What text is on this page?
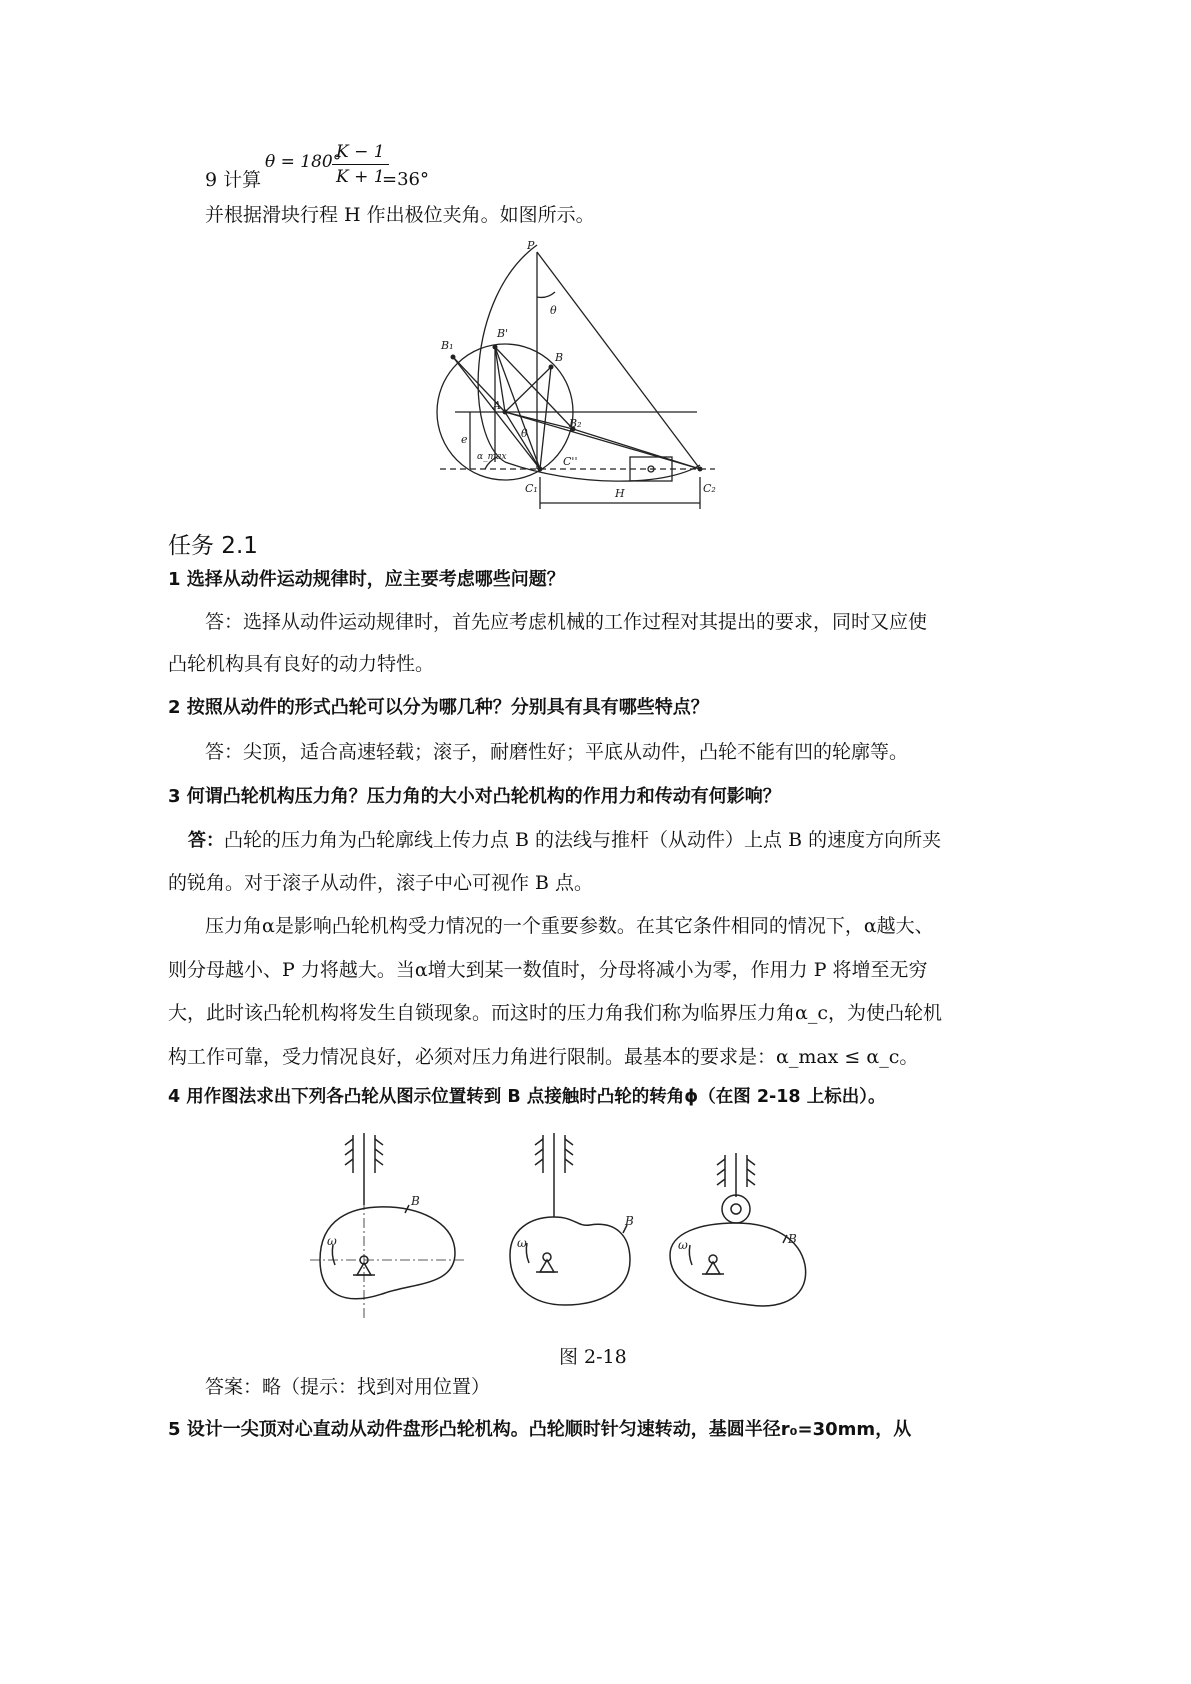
9 计算
θ = 180°
$\frac{K - 1}{K + 1}$
=36°
并根据滑块行程 H 作出极位夹角。如图所示。
P
θ
B₁
B'
B
A
B₂
θ
e
α_max	C''
C₁	H	C₂
任务 2.1
1 选择从动件运动规律时，应主要考虑哪些问题？
答：选择从动件运动规律时，首先应考虑机械的工作过程对其提出的要求，同时又应使
凸轮机构具有良好的动力特性。
2 按照从动件的形式凸轮可以分为哪几种？分别具有具有哪些特点？
答：尖顶，适合高速轻载；滚子，耐磨性好；平底从动件，凸轮不能有凹的轮廓等。
3 何谓凸轮机构压力角？压力角的大小对凸轮机构的作用力和传动有何影响？
答：凸轮的压力角为凸轮廓线上传力点 B 的法线与推杆（从动件）上点 B 的速度方向所夹
的锐角。对于滚子从动件，滚子中心可视作 B 点。
压力角α是影响凸轮机构受力情况的一个重要参数。在其它条件相同的情况下，α越大、
则分母越小、P 力将越大。当α增大到某一数值时，分母将减小为零，作用力 P 将增至无穷
大，此时该凸轮机构将发生自锁现象。而这时的压力角我们称为临界压力角α_c，为使凸轮机
构工作可靠，受力情况良好，必须对压力角进行限制。最基本的要求是：α_max ≤ α_c。
4 用作图法求出下列各凸轮从图示位置转到 B 点接触时凸轮的转角ϕ（在图 2-18 上标出）。
B
ω
B
ω	B
ω
图 2-18
答案：略（提示：找到对用位置）
5 设计一尖顶对心直动从动件盘形凸轮机构。凸轮顺时针匀速转动，基圆半径r₀=30mm，从
